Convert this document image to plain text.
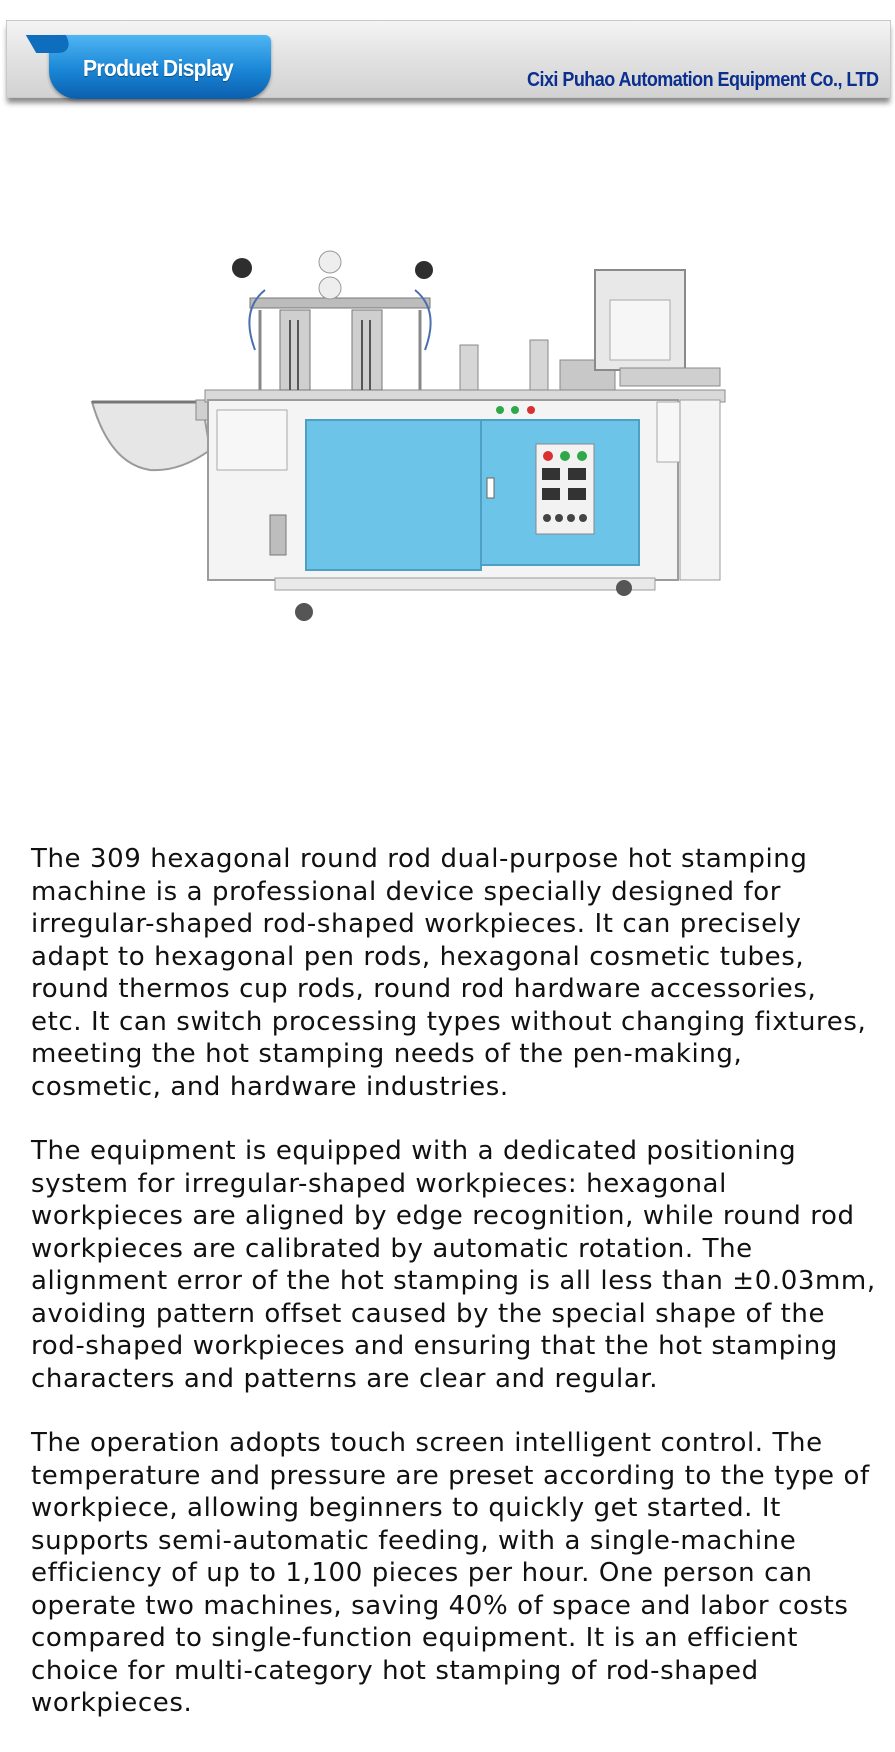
Produet Display	Cixi Puhao Automation Equipment Co., LTD

The 309 hexagonal round rod dual-purpose hot stamping machine is a professional device specially designed for irregular-shaped rod-shaped workpieces. It can precisely adapt to hexagonal pen rods, hexagonal cosmetic tubes, round thermos cup rods, round rod hardware accessories, etc. It can switch processing types without changing fixtures, meeting the hot stamping needs of the pen-making, cosmetic, and hardware industries.

The equipment is equipped with a dedicated positioning system for irregular-shaped workpieces: hexagonal workpieces are aligned by edge recognition, while round rod workpieces are calibrated by automatic rotation. The alignment error of the hot stamping is all less than ±0.03mm, avoiding pattern offset caused by the special shape of the rod-shaped workpieces and ensuring that the hot stamping characters and patterns are clear and regular.

The operation adopts touch screen intelligent control. The temperature and pressure are preset according to the type of workpiece, allowing beginners to quickly get started. It supports semi-automatic feeding, with a single-machine efficiency of up to 1,100 pieces per hour. One person can operate two machines, saving 40% of space and labor costs compared to single-function equipment. It is an efficient choice for multi-category hot stamping of rod-shaped workpieces.
